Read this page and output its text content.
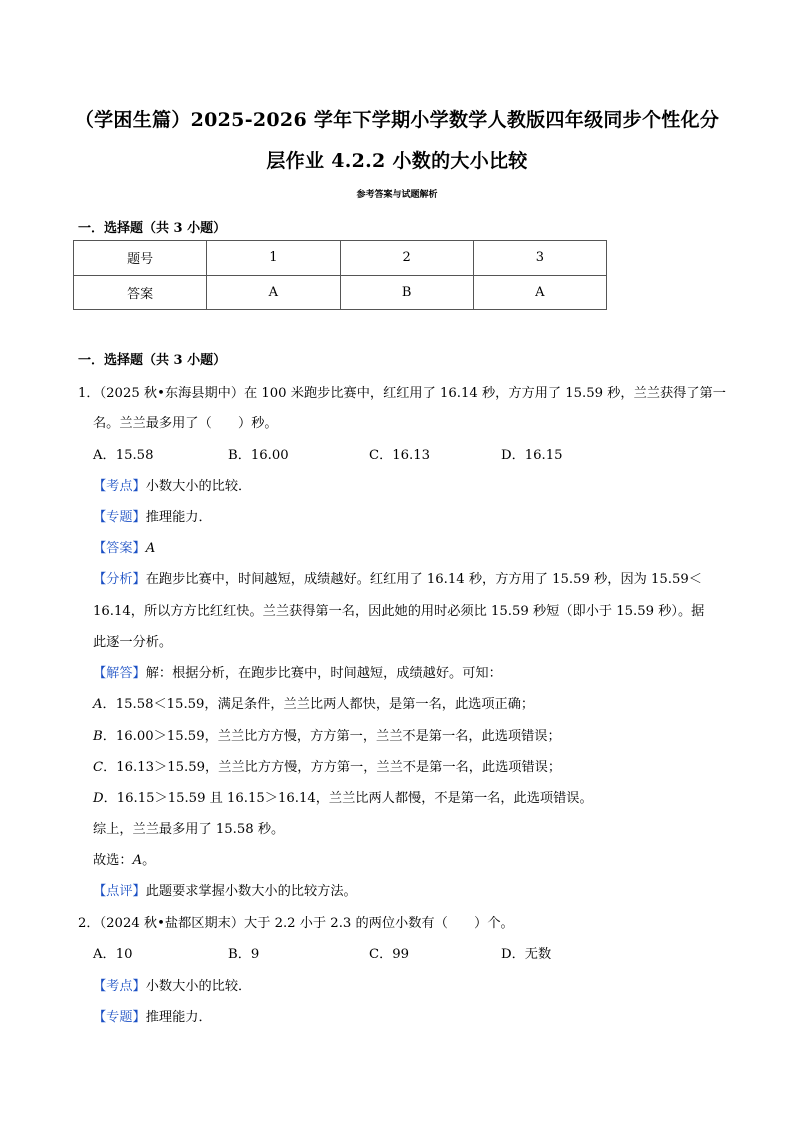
（学困生篇）2025-2026 学年下学期小学数学人教版四年级同步个性化分
层作业 4.2.2 小数的大小比较
参考答案与试题解析
一．选择题（共 3 小题）
题号	1	2	3
答案	A	B	A
一．选择题（共 3 小题）
1．（2025 秋•东海县期中）在 100 米跑步比赛中，红红用了 16.14 秒，方方用了 15.59 秒，兰兰获得了第一
名。兰兰最多用了（　　）秒。
A．15.58	B．16.00	C．16.13	D．16.15
【考点】小数大小的比较．
【专题】推理能力．
【答案】A
【分析】在跑步比赛中，时间越短，成绩越好。红红用了 16.14 秒，方方用了 15.59 秒，因为 15.59＜
16.14，所以方方比红红快。兰兰获得第一名，因此她的用时必须比 15.59 秒短（即小于 15.59 秒）。据
此逐一分析。
【解答】解：根据分析，在跑步比赛中，时间越短，成绩越好。可知：
A．15.58＜15.59，满足条件，兰兰比两人都快，是第一名，此选项正确；
B．16.00＞15.59，兰兰比方方慢，方方第一，兰兰不是第一名，此选项错误；
C．16.13＞15.59，兰兰比方方慢，方方第一，兰兰不是第一名，此选项错误；
D．16.15＞15.59 且 16.15＞16.14，兰兰比两人都慢，不是第一名，此选项错误。
综上，兰兰最多用了 15.58 秒。
故选：A。
【点评】此题要求掌握小数大小的比较方法。
2．（2024 秋•盐都区期末）大于 2.2 小于 2.3 的两位小数有（　　）个。
A．10	B．9	C．99	D．无数
【考点】小数大小的比较．
【专题】推理能力．
